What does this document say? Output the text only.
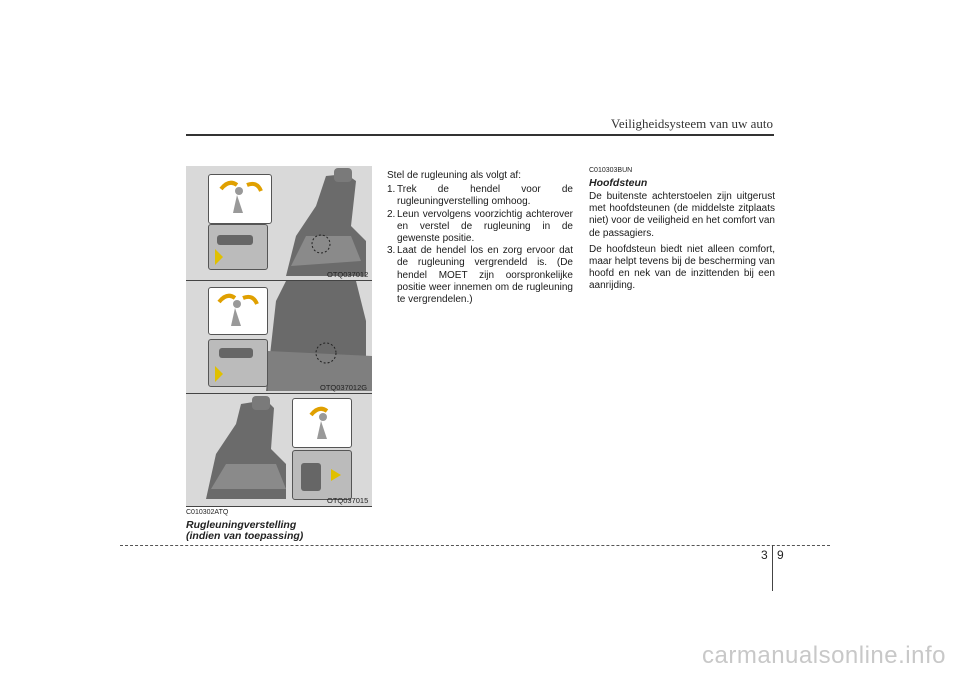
Veiligheidsysteem van uw auto
OTQ037012
OTQ037012G
OTQ037015
C010302ATQ
Rugleuningverstelling
(indien van toepassing)
Stel de rugleuning als volgt af:
1. Trek de hendel voor de rugleuningverstelling omhoog.
2. Leun vervolgens voorzichtig achterover en verstel de rugleuning in de gewenste positie.
3. Laat de hendel los en zorg ervoor dat de rugleuning vergrendeld is. (De hendel MOET zijn oorspronkelijke positie weer innemen om de rugleuning te vergrendelen.)
C010303BUN
Hoofdsteun

De buitenste achterstoelen zijn uitgerust met hoofdsteunen (de middelste zitplaats niet) voor de veiligheid en het comfort van de passagiers.

De hoofdsteun biedt niet alleen comfort, maar helpt tevens bij de bescherming van hoofd en nek van de inzittenden bij een aanrijding.

3 9
carmanualsonline.info
